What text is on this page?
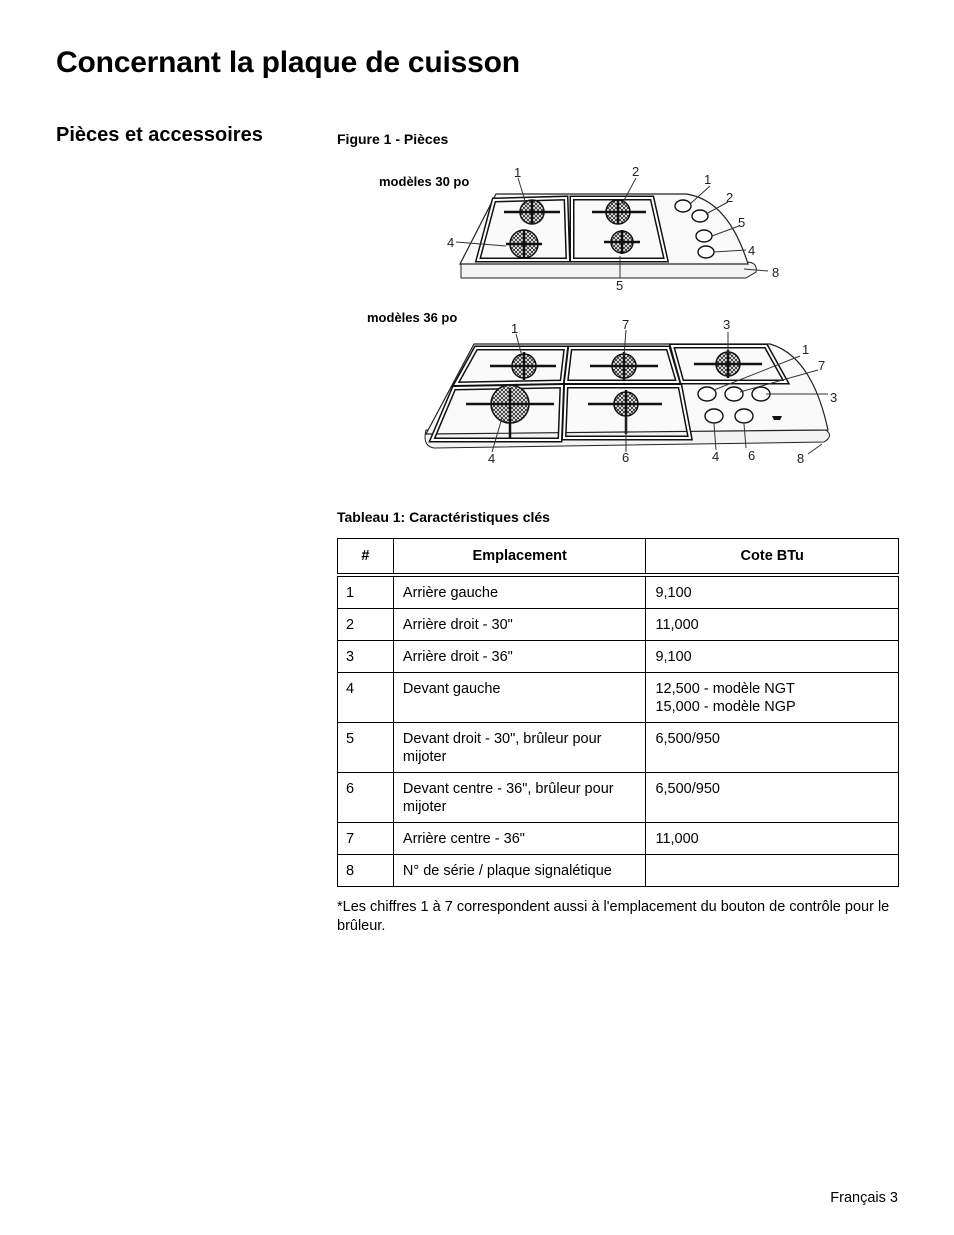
Concernant la plaque de cuisson
Pièces et accessoires	Figure 1 - Pièces
modèles 30 po
1	2
1
2
5
4
4
5
8
modèles 36 po
1	7	3
1
7
3
4	6	4 6	8
Tableau 1: Caractéristiques clés
#	Emplacement	Cote BTu
1	Arrière gauche	9,100
2	Arrière droit - 30"	11,000
3	Arrière droit - 36"	9,100
4	Devant gauche	12,500 - modèle NGT
15,000 - modèle NGP

5	Devant droit - 30", brûleur pour mijoter	6,500/950
6	Devant centre - 36", brûleur pour mijoter	6,500/950
7	Arrière centre - 36"	11,000
8	N° de série / plaque signalétique	

*Les chiffres 1 à 7 correspondent aussi à l'emplacement du bouton de contrôle pour le brûleur.

Français 3
